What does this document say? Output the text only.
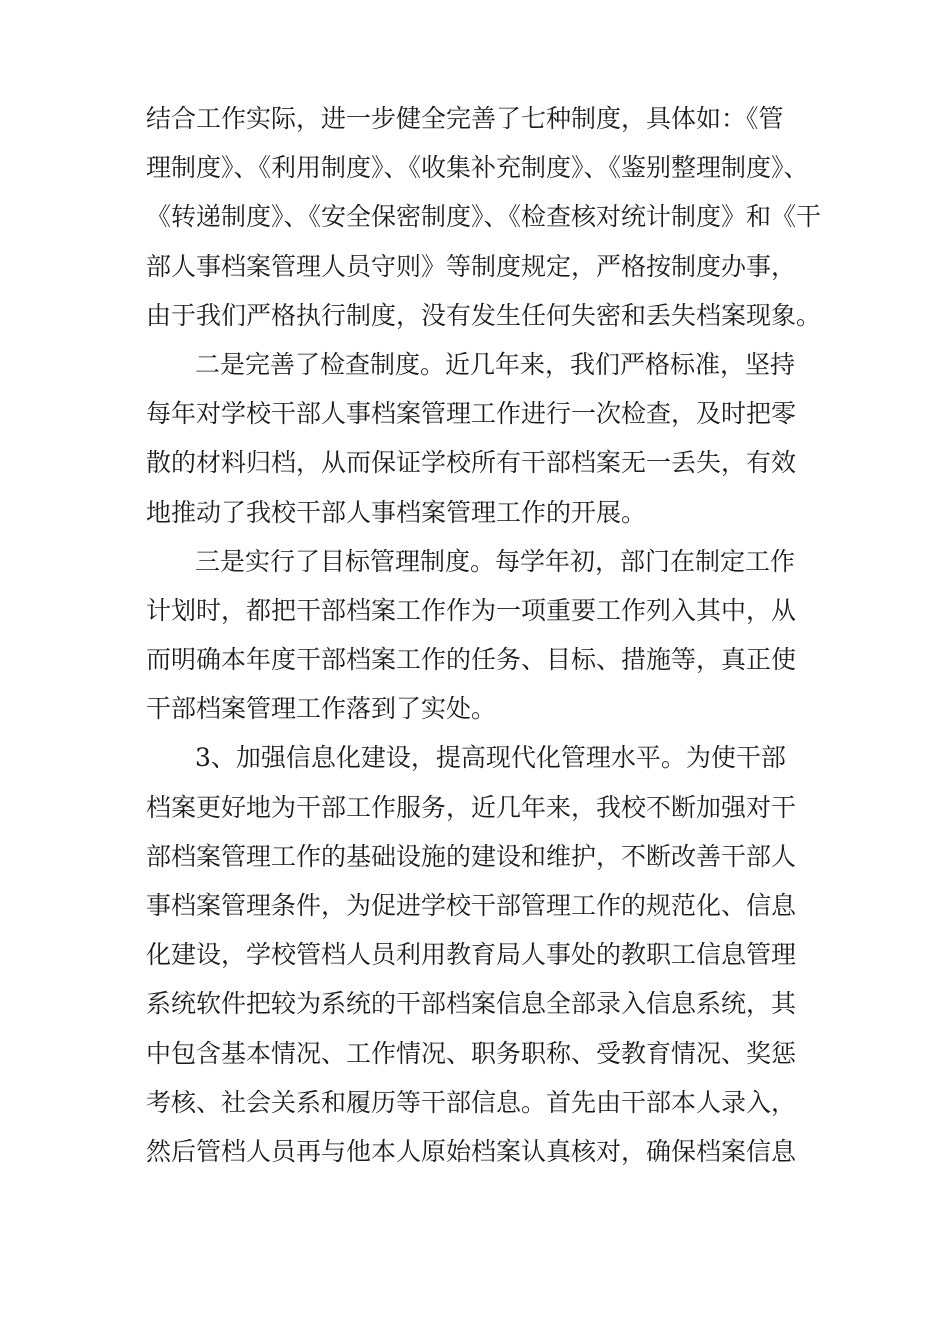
结合工作实际，进一步健全完善了七种制度，具体如：《管
理制度》、《利用制度》、《收集补充制度》、《鉴别整理制度》、
《转递制度》、《安全保密制度》、《检查核对统计制度》和《干
部人事档案管理人员守则》等制度规定，严格按制度办事，
由于我们严格执行制度，没有发生任何失密和丢失档案现象。
二是完善了检查制度。近几年来，我们严格标准，坚持
每年对学校干部人事档案管理工作进行一次检查，及时把零
散的材料归档，从而保证学校所有干部档案无一丢失，有效
地推动了我校干部人事档案管理工作的开展。
三是实行了目标管理制度。每学年初，部门在制定工作
计划时，都把干部档案工作作为一项重要工作列入其中，从
而明确本年度干部档案工作的任务、目标、措施等，真正使
干部档案管理工作落到了实处。
3、加强信息化建设，提高现代化管理水平。为使干部
档案更好地为干部工作服务，近几年来，我校不断加强对干
部档案管理工作的基础设施的建设和维护，不断改善干部人
事档案管理条件，为促进学校干部管理工作的规范化、信息
化建设，学校管档人员利用教育局人事处的教职工信息管理
系统软件把较为系统的干部档案信息全部录入信息系统，其
中包含基本情况、工作情况、职务职称、受教育情况、奖惩
考核、社会关系和履历等干部信息。首先由干部本人录入，
然后管档人员再与他本人原始档案认真核对，确保档案信息
